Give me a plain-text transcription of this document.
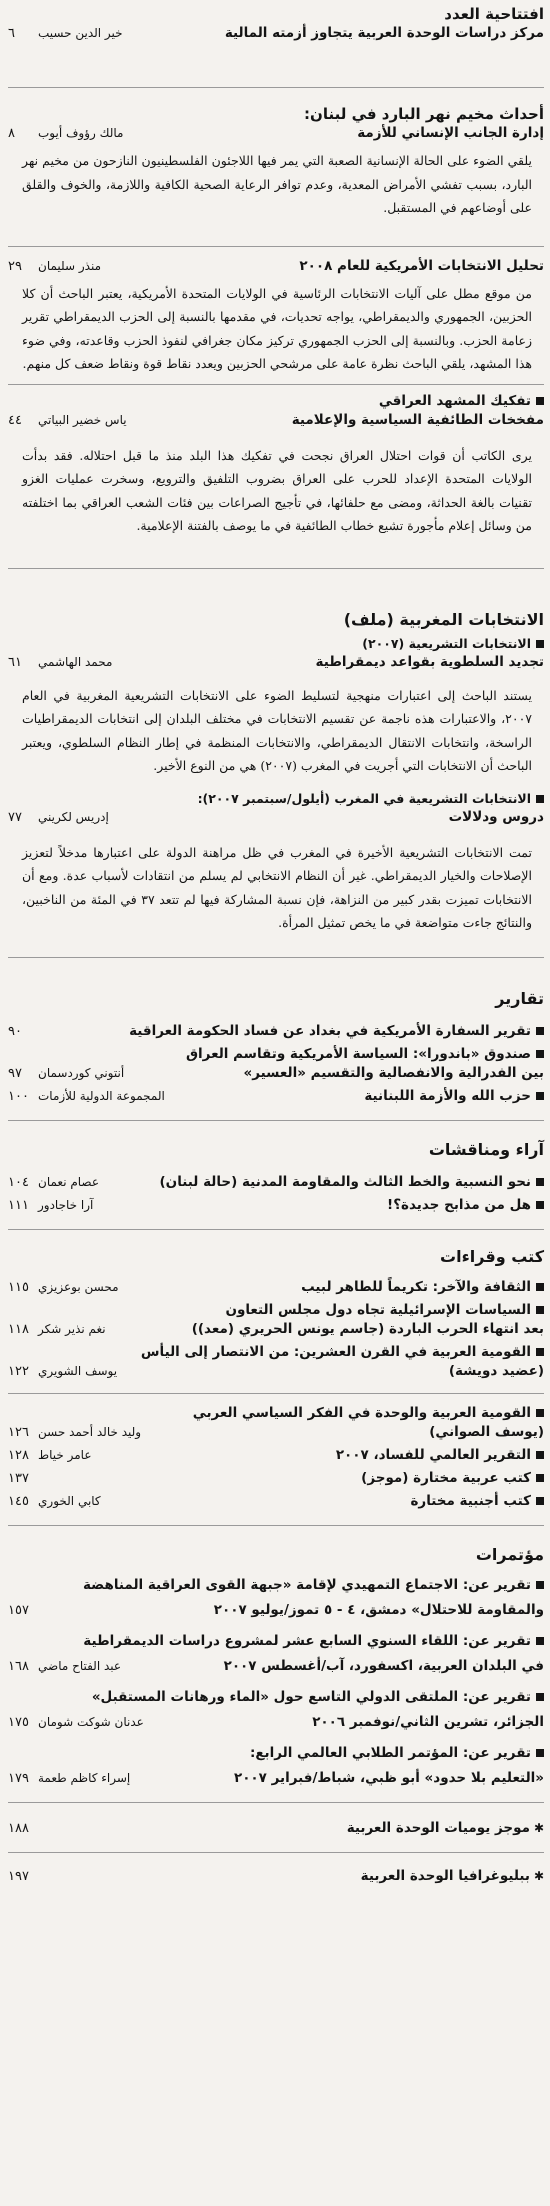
افتتاحية العدد
مركز دراسات الوحدة العربية يتجاوز أزمته المالية
خير الدين حسيب
٦
أحداث مخيم نهر البارد في لبنان:
إدارة الجانب الإنساني للأزمة
مالك رؤوف أيوب
٨

يلقي الضوء على الحالة الإنسانية الصعبة التي يمر فيها اللاجئون الفلسطينيون النازحون من مخيم نهر البارد، بسبب تفشي الأمراض المعدية، وعدم توافر الرعاية الصحية الكافية واللازمة، والخوف والقلق على أوضاعهم في المستقبل.

تحليل الانتخابات الأمريكية للعام ٢٠٠٨
منذر سليمان
٢٩

من موقع مطل على آليات الانتخابات الرئاسية في الولايات المتحدة الأمريكية، يعتبر الباحث أن كلا الحزبين، الجمهوري والديمقراطي، يواجه تحديات، في مقدمها بالنسبة إلى الحزب الديمقراطي تقرير زعامة الحزب. وبالنسبة إلى الحزب الجمهوري تركيز مكان جغرافي لنفوذ الحزب وقاعدته، وفي ضوء هذا المشهد، يلقي الباحث نظرة عامة على مرشحي الحزبين ويعدد نقاط قوة ونقاط ضعف كل منهم.

تفكيك المشهد العراقي
مفخخات الطائفية السياسية والإعلامية
ياس خضير البياتي
٤٤

يرى الكاتب أن قوات احتلال العراق نجحت في تفكيك هذا البلد منذ ما قبل احتلاله. فقد بدأت الولايات المتحدة الإعداد للحرب على العراق بضروب التلفيق والترويع، وسخرت عمليات الغزو تقنيات بالغة الحداثة، ومضى مع حلفائها، في تأجيج الصراعات بين فئات الشعب العراقي بما اختلفته من وسائل إعلام مأجورة تشيع خطاب الطائفية في ما يوصف بالفتنة الإعلامية.

الانتخابات المغربية (ملف)
الانتخابات التشريعية (٢٠٠٧)
تجديد السلطوية بقواعد ديمقراطية
محمد الهاشمي
٦١

يستند الباحث إلى اعتبارات منهجية لتسليط الضوء على الانتخابات التشريعية المغربية في العام ٢٠٠٧، والاعتبارات هذه ناجمة عن تقسيم الانتخابات في مختلف البلدان إلى انتخابات الديمقراطيات الراسخة، وانتخابات الانتقال الديمقراطي، والانتخابات المنظمة في إطار النظام السلطوي، ويعتبر الباحث أن الانتخابات التي أجريت في المغرب (٢٠٠٧) هي من النوع الأخير.

الانتخابات التشريعية في المغرب (أيلول/سبتمبر ٢٠٠٧):
دروس ودلالات
إدريس لكريني
٧٧

تمت الانتخابات التشريعية الأخيرة في المغرب في ظل مراهنة الدولة على اعتبارها مدخلاً لتعزيز الإصلاحات والخيار الديمقراطي. غير أن النظام الانتخابي لم يسلم من انتقادات لأسباب عدة. ومع أن الانتخابات تميزت بقدر كبير من النزاهة، فإن نسبة المشاركة فيها لم تتعد ٣٧ في المئة من الناخبين، والنتائج جاءت متواضعة في ما يخص تمثيل المرأة.

تقارير
تقرير السفارة الأمريكية في بغداد عن فساد الحكومة العراقية
٩٠
صندوق «باندورا»: السياسة الأمريكية وتقاسم العراق
بين الفدرالية والانفصالية والتقسيم «العسير»
أنتوني كوردسمان
٩٧
حزب الله والأزمة اللبنانية
المجموعة الدولية للأزمات
١٠٠
آراء ومناقشات
نحو النسبية والخط الثالث والمقاومة المدنية (حالة لبنان)
عصام نعمان
١٠٤
هل من مذابح جديدة؟!
آرا خاجادور
١١١
كتب وقراءات
الثقافة والآخر: تكريماً للطاهر لبيب
محسن بوعزيزي
١١٥
السياسات الإسرائيلية تجاه دول مجلس التعاون
بعد انتهاء الحرب الباردة (جاسم يونس الحريري (معد))
نغم نذير شكر
١١٨
القومية العربية في القرن العشرين: من الانتصار إلى اليأس
(عضيد دويشة)
يوسف الشويري
١٢٢
القومية العربية والوحدة في الفكر السياسي العربي
(يوسف الصواني)
وليد خالد أحمد حسن
١٢٦
التقرير العالمي للفساد، ٢٠٠٧
عامر خياط
١٢٨
كتب عربية مختارة (موجز)
١٣٧
كتب أجنبية مختارة
كابي الخوري
١٤٥
مؤتمرات
تقرير عن: الاجتماع التمهيدي لإقامة «جبهة القوى العراقية المناهضة
والمقاومة للاحتلال» دمشق، ٤ - ٥ تموز/يوليو ٢٠٠٧
١٥٧
تقرير عن: اللقاء السنوي السابع عشر لمشروع دراسات الديمقراطية
في البلدان العربية، اكسفورد، آب/أغسطس ٢٠٠٧
عبد الفتاح ماضي
١٦٨
تقرير عن: الملتقى الدولي التاسع حول «الماء ورهانات المستقبل»
الجزائر، تشرين الثاني/نوفمبر ٢٠٠٦
عدنان شوكت شومان
١٧٥
تقرير عن: المؤتمر الطلابي العالمي الرابع:
«التعليم بلا حدود» أبو ظبي، شباط/فبراير ٢٠٠٧
إسراء كاظم طعمة
١٧٩
✱موجز يوميات الوحدة العربية
١٨٨
✱ببليوغرافيا الوحدة العربية
١٩٧
